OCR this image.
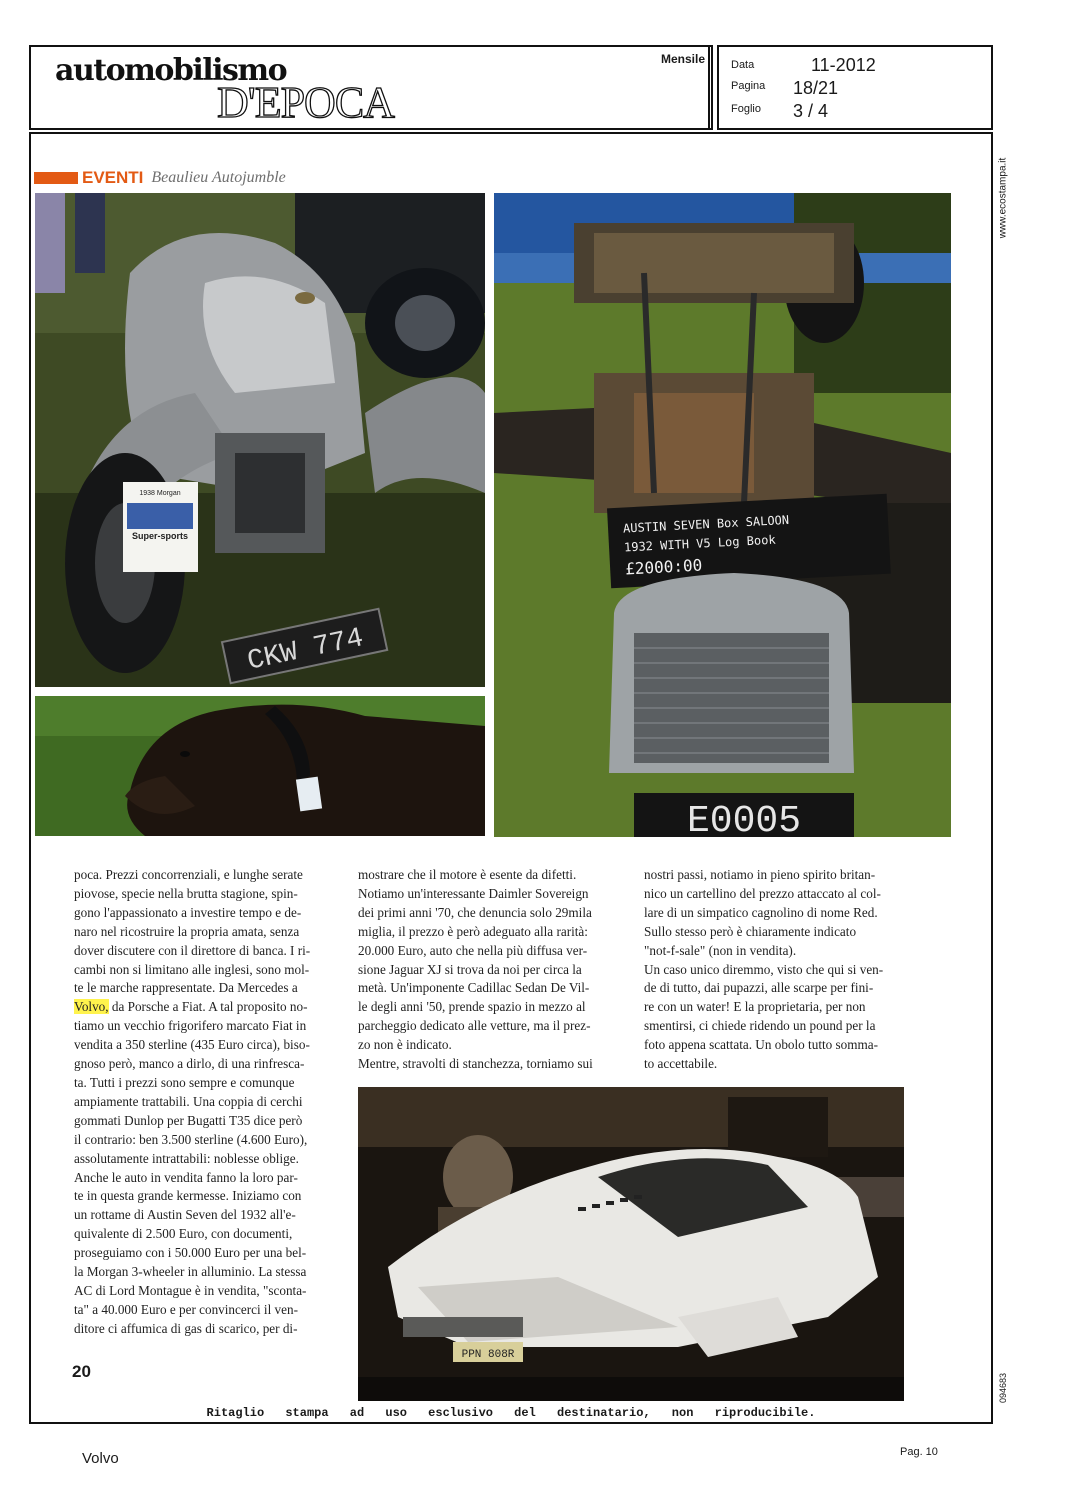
automobilismo
D'EPOCA
Mensile Data	11-2012
Pagina	18/21
Foglio	3 / 4
www.ecostampa.it
094683
EVENTI Beaulieu Autojumble
1938 Morgan
Super-sports
CKW 774
AUSTIN SEVEN Box SALOON
1932 WITH V5 Log Book
£2000:00
E0005

poca. Prezzi concorrenziali, e lunghe serate
piovose, specie nella brutta stagione, spin-
gono l'appassionato a investire tempo e de-
naro nel ricostruire la propria amata, senza
dover discutere con il direttore di banca. I ri-
cambi non si limitano alle inglesi, sono mol-
te le marche rappresentate. Da Mercedes a

Volvo, da Porsche a Fiat. A tal proposito no-

tiamo un vecchio frigorifero marcato Fiat in
vendita a 350 sterline (435 Euro circa), biso-
gnoso però, manco a dirlo, di una rinfresca-
ta. Tutti i prezzi sono sempre e comunque
ampiamente trattabili. Una coppia di cerchi
gommati Dunlop per Bugatti T35 dice però
il contrario: ben 3.500 sterline (4.600 Euro),
assolutamente intrattabili: noblesse oblige.
Anche le auto in vendita fanno la loro par-
te in questa grande kermesse. Iniziamo con
un rottame di Austin Seven del 1932 all'e-
quivalente di 2.500 Euro, con documenti,
proseguiamo con i 50.000 Euro per una bel-
la Morgan 3-wheeler in alluminio. La stessa
AC di Lord Montague è in vendita, "sconta-
ta" a 40.000 Euro e per convincerci il ven-
ditore ci affumica di gas di scarico, per di-

mostrare che il motore è esente da difetti.
Notiamo un'interessante Daimler Sovereign
dei primi anni '70, che denuncia solo 29mila
miglia, il prezzo è però adeguato alla rarità:
20.000 Euro, auto che nella più diffusa ver-
sione Jaguar XJ si trova da noi per circa la
metà. Un'imponente Cadillac Sedan De Vil-
le degli anni '50, prende spazio in mezzo al
parcheggio dedicato alle vetture, ma il prez-
zo non è indicato.
Mentre, stravolti di stanchezza, torniamo sui

nostri passi, notiamo in pieno spirito britan-
nico un cartellino del prezzo attaccato al col-
lare di un simpatico cagnolino di nome Red.
Sullo stesso però è chiaramente indicato
"not-f-sale" (non in vendita).
Un caso unico diremmo, visto che qui si ven-
de di tutto, dai pupazzi, alle scarpe per fini-
re con un water! E la proprietaria, per non
smentirsi, ci chiede ridendo un pound per la
foto appena scattata. Un obolo tutto somma-
to accettabile.

PPN 808R
20
Ritaglio stampa ad uso esclusivo del destinatario, non riproducibile.
Volvo	Pag. 10
